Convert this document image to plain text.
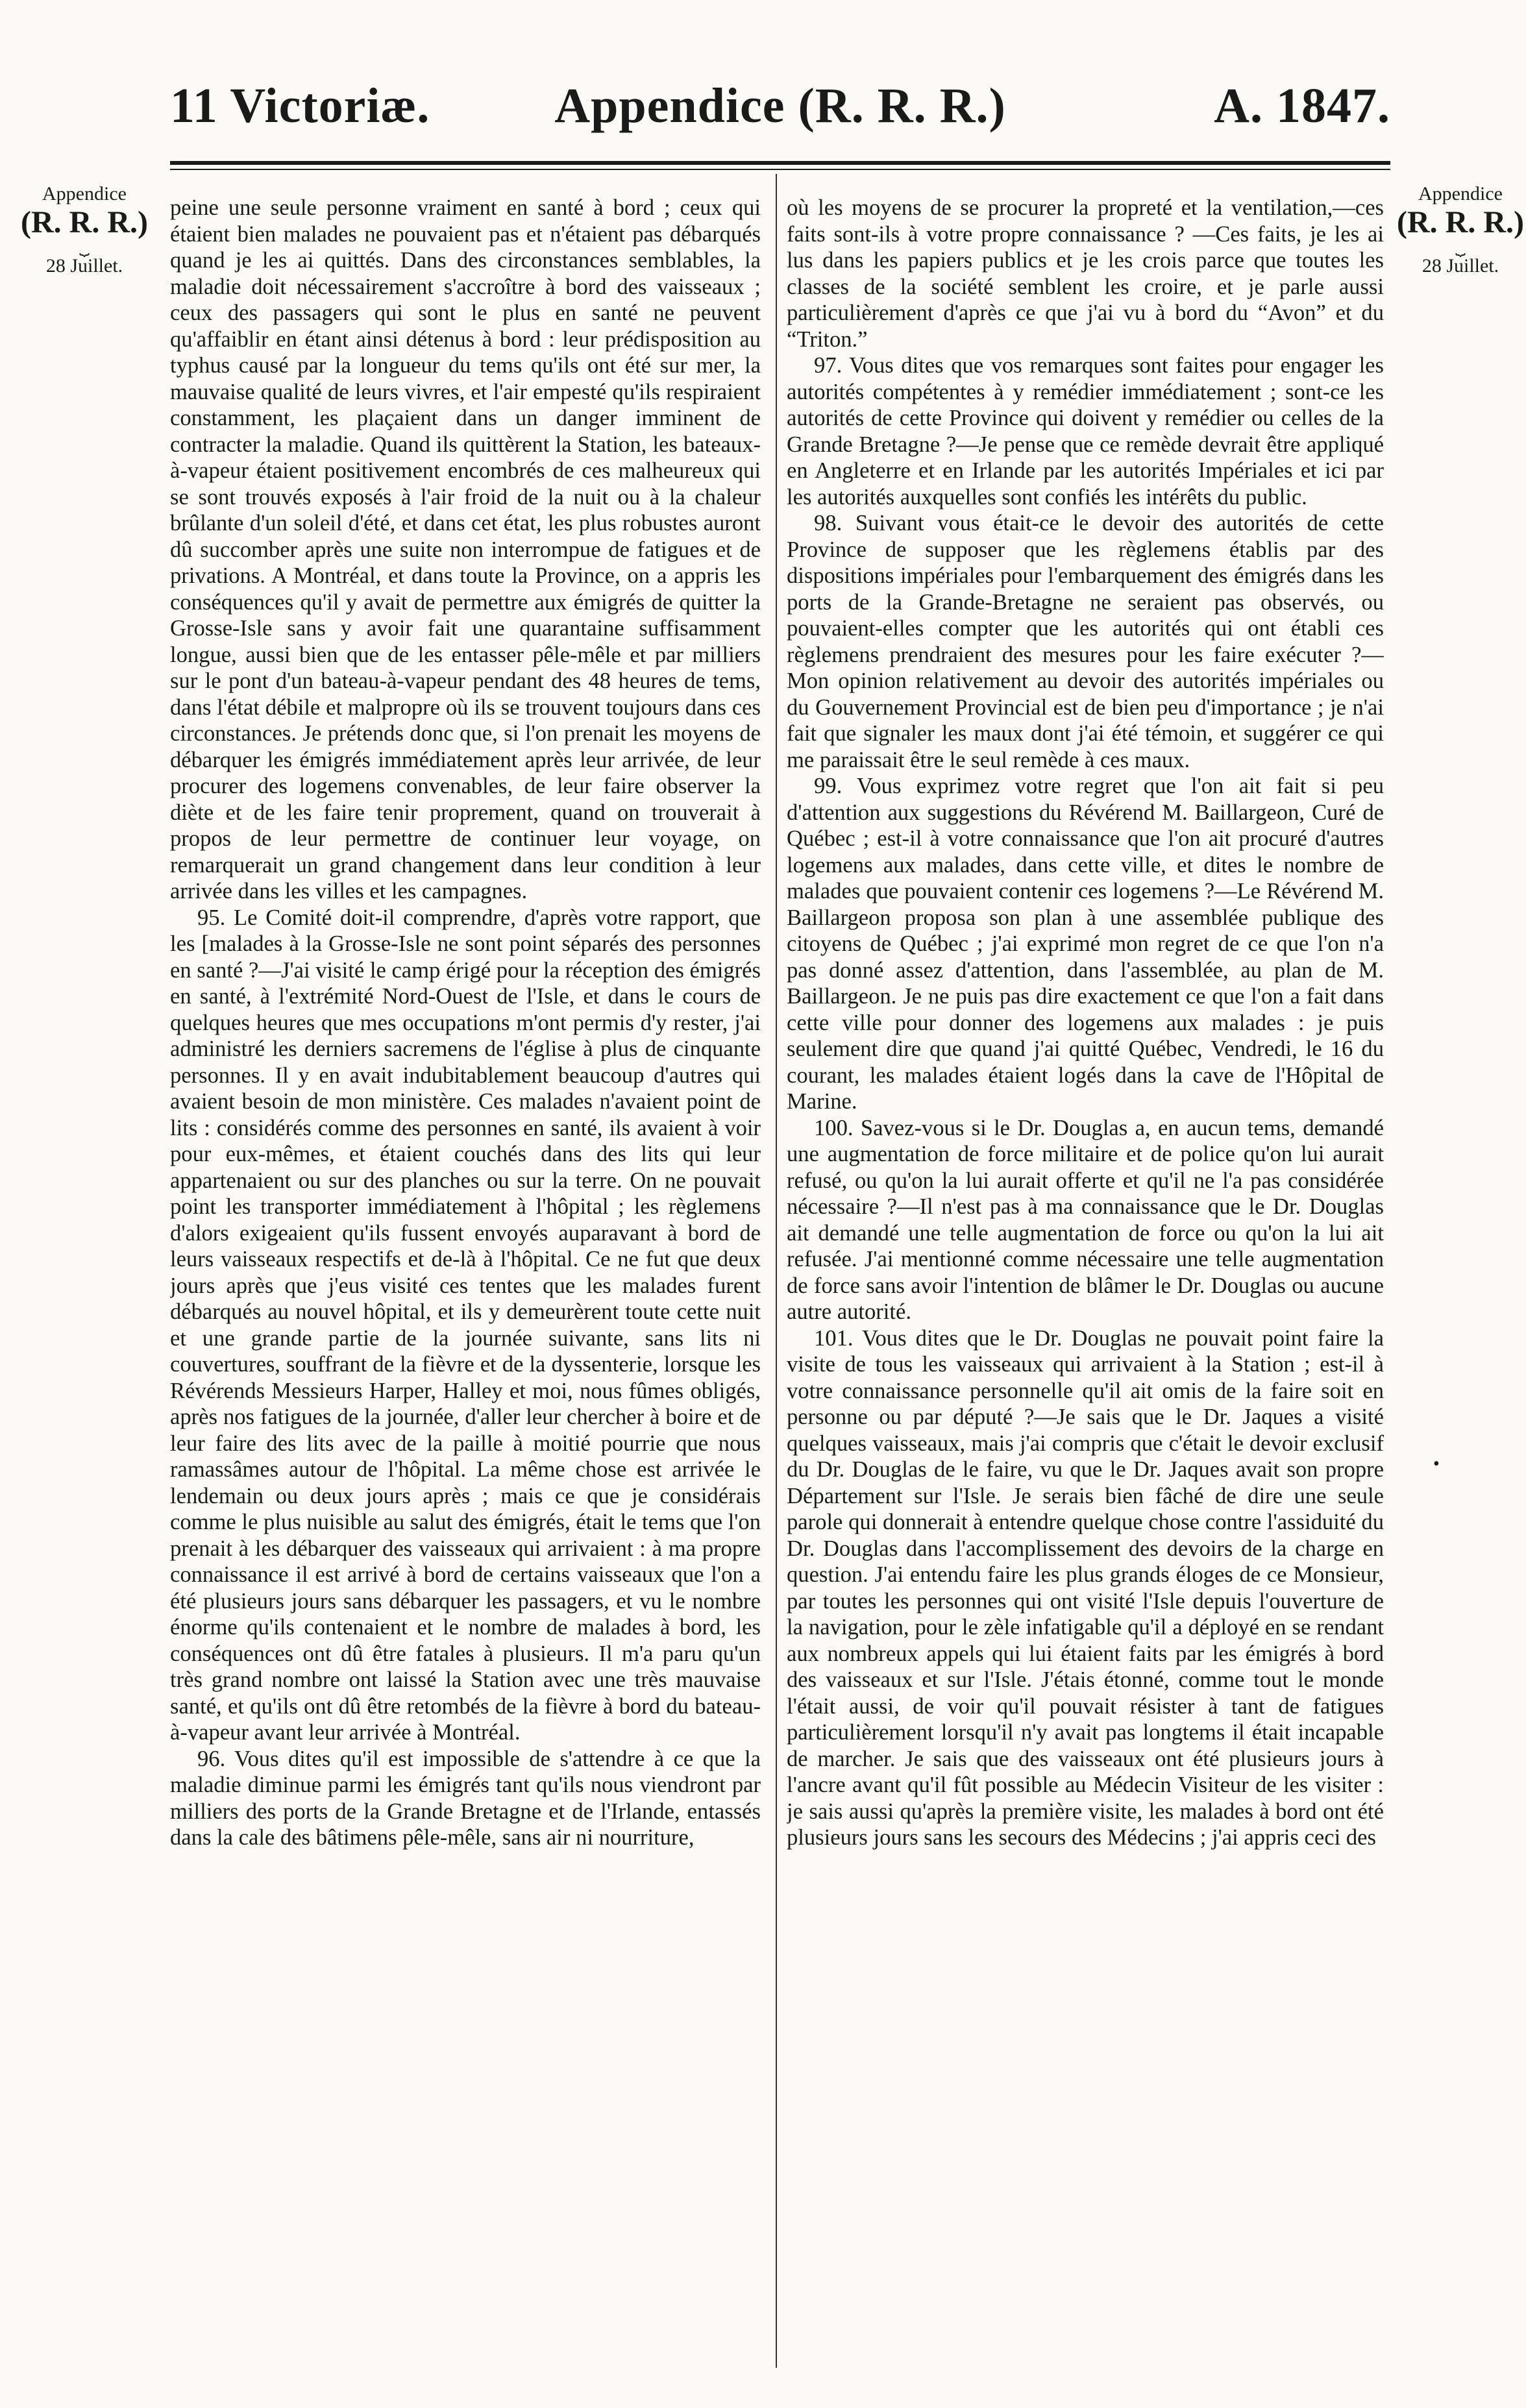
11 Victoriæ.	Appendice (R. R. R.)	A. 1847.
Appendice
(R. R. R.)
⏟
28 Juillet.
Appendice
(R. R. R.)
⏟
28 Juillet.

peine une seule personne vraiment en santé à bord ; ceux qui étaient bien malades ne pouvaient pas et n'étaient pas débarqués quand je les ai quittés. Dans des circonstances semblables, la maladie doit nécessairement s'accroître à bord des vaisseaux ; ceux des passagers qui sont le plus en santé ne peuvent qu'affaiblir en étant ainsi détenus à bord : leur prédisposition au typhus causé par la longueur du tems qu'ils ont été sur mer, la mauvaise qualité de leurs vivres, et l'air empesté qu'ils respiraient constamment, les plaçaient dans un danger imminent de contracter la maladie. Quand ils quittèrent la Station, les bateaux-à-vapeur étaient positivement encombrés de ces malheureux qui se sont trouvés exposés à l'air froid de la nuit ou à la chaleur brûlante d'un soleil d'été, et dans cet état, les plus robustes auront dû succomber après une suite non interrompue de fatigues et de privations. A Montréal, et dans toute la Province, on a appris les conséquences qu'il y avait de permettre aux émigrés de quitter la Grosse-Isle sans y avoir fait une quarantaine suffisamment longue, aussi bien que de les entasser pêle-mêle et par milliers sur le pont d'un bateau-à-vapeur pendant des 48 heures de tems, dans l'état débile et malpropre où ils se trouvent toujours dans ces circonstances. Je prétends donc que, si l'on prenait les moyens de débarquer les émigrés immédiatement après leur arrivée, de leur procurer des logemens convenables, de leur faire observer la diète et de les faire tenir proprement, quand on trouverait à propos de leur permettre de continuer leur voyage, on remarquerait un grand changement dans leur condition à leur arrivée dans les villes et les campagnes.

95. Le Comité doit-il comprendre, d'après votre rapport, que les [malades à la Grosse-Isle ne sont point séparés des personnes en santé ?—J'ai visité le camp érigé pour la réception des émigrés en santé, à l'extrémité Nord-Ouest de l'Isle, et dans le cours de quelques heures que mes occupations m'ont permis d'y rester, j'ai administré les derniers sacremens de l'église à plus de cinquante personnes. Il y en avait indubitablement beaucoup d'autres qui avaient besoin de mon ministère. Ces malades n'avaient point de lits : considérés comme des personnes en santé, ils avaient à voir pour eux-mêmes, et étaient couchés dans des lits qui leur appartenaient ou sur des planches ou sur la terre. On ne pouvait point les transporter immédiatement à l'hôpital ; les règlemens d'alors exigeaient qu'ils fussent envoyés auparavant à bord de leurs vaisseaux respectifs et de-là à l'hôpital. Ce ne fut que deux jours après que j'eus visité ces tentes que les malades furent débarqués au nouvel hôpital, et ils y demeurèrent toute cette nuit et une grande partie de la journée suivante, sans lits ni couvertures, souffrant de la fièvre et de la dyssenterie, lorsque les Révérends Messieurs Harper, Halley et moi, nous fûmes obligés, après nos fatigues de la journée, d'aller leur chercher à boire et de leur faire des lits avec de la paille à moitié pourrie que nous ramassâmes autour de l'hôpital. La même chose est arrivée le lendemain ou deux jours après ; mais ce que je considérais comme le plus nuisible au salut des émigrés, était le tems que l'on prenait à les débarquer des vaisseaux qui arrivaient : à ma propre connaissance il est arrivé à bord de certains vaisseaux que l'on a été plusieurs jours sans débarquer les passagers, et vu le nombre énorme qu'ils contenaient et le nombre de malades à bord, les conséquences ont dû être fatales à plusieurs. Il m'a paru qu'un très grand nombre ont laissé la Station avec une très mauvaise santé, et qu'ils ont dû être retombés de la fièvre à bord du bateau-à-vapeur avant leur arrivée à Montréal.

96. Vous dites qu'il est impossible de s'attendre à ce que la maladie diminue parmi les émigrés tant qu'ils nous viendront par milliers des ports de la Grande Bretagne et de l'Irlande, entassés dans la cale des bâtimens pêle-mêle, sans air ni nourriture,

où les moyens de se procurer la propreté et la ventilation,—ces faits sont-ils à votre propre connaissance ? —Ces faits, je les ai lus dans les papiers publics et je les crois parce que toutes les classes de la société semblent les croire, et je parle aussi particulièrement d'après ce que j'ai vu à bord du “Avon” et du “Triton.”

97. Vous dites que vos remarques sont faites pour engager les autorités compétentes à y remédier immédiatement ; sont-ce les autorités de cette Province qui doivent y remédier ou celles de la Grande Bretagne ?—Je pense que ce remède devrait être appliqué en Angleterre et en Irlande par les autorités Impériales et ici par les autorités auxquelles sont confiés les intérêts du public.

98. Suivant vous était-ce le devoir des autorités de cette Province de supposer que les règlemens établis par des dispositions impériales pour l'embarquement des émigrés dans les ports de la Grande-Bretagne ne seraient pas observés, ou pouvaient-elles compter que les autorités qui ont établi ces règlemens prendraient des mesures pour les faire exécuter ?—Mon opinion relativement au devoir des autorités impériales ou du Gouvernement Provincial est de bien peu d'importance ; je n'ai fait que signaler les maux dont j'ai été témoin, et suggérer ce qui me paraissait être le seul remède à ces maux.

99. Vous exprimez votre regret que l'on ait fait si peu d'attention aux suggestions du Révérend M. Baillargeon, Curé de Québec ; est-il à votre connaissance que l'on ait procuré d'autres logemens aux malades, dans cette ville, et dites le nombre de malades que pouvaient contenir ces logemens ?—Le Révérend M. Baillargeon proposa son plan à une assemblée publique des citoyens de Québec ; j'ai exprimé mon regret de ce que l'on n'a pas donné assez d'attention, dans l'assemblée, au plan de M. Baillargeon. Je ne puis pas dire exactement ce que l'on a fait dans cette ville pour donner des logemens aux malades : je puis seulement dire que quand j'ai quitté Québec, Vendredi, le 16 du courant, les malades étaient logés dans la cave de l'Hôpital de Marine.

100. Savez-vous si le Dr. Douglas a, en aucun tems, demandé une augmentation de force militaire et de police qu'on lui aurait refusé, ou qu'on la lui aurait offerte et qu'il ne l'a pas considérée nécessaire ?—Il n'est pas à ma connaissance que le Dr. Douglas ait demandé une telle augmentation de force ou qu'on la lui ait refusée. J'ai mentionné comme nécessaire une telle augmentation de force sans avoir l'intention de blâmer le Dr. Douglas ou aucune autre autorité.

101. Vous dites que le Dr. Douglas ne pouvait point faire la visite de tous les vaisseaux qui arrivaient à la Station ; est-il à votre connaissance personnelle qu'il ait omis de la faire soit en personne ou par député ?—Je sais que le Dr. Jaques a visité quelques vaisseaux, mais j'ai compris que c'était le devoir exclusif du Dr. Douglas de le faire, vu que le Dr. Jaques avait son propre Département sur l'Isle. Je serais bien fâché de dire une seule parole qui donnerait à entendre quelque chose contre l'assiduité du Dr. Douglas dans l'accomplissement des devoirs de la charge en question. J'ai entendu faire les plus grands éloges de ce Monsieur, par toutes les personnes qui ont visité l'Isle depuis l'ouverture de la navigation, pour le zèle infatigable qu'il a déployé en se rendant aux nombreux appels qui lui étaient faits par les émigrés à bord des vaisseaux et sur l'Isle. J'étais étonné, comme tout le monde l'était aussi, de voir qu'il pouvait résister à tant de fatigues particulièrement lorsqu'il n'y avait pas longtems il était incapable de marcher. Je sais que des vaisseaux ont été plusieurs jours à l'ancre avant qu'il fût possible au Médecin Visiteur de les visiter : je sais aussi qu'après la première visite, les malades à bord ont été plusieurs jours sans les secours des Médecins ; j'ai appris ceci des

•
